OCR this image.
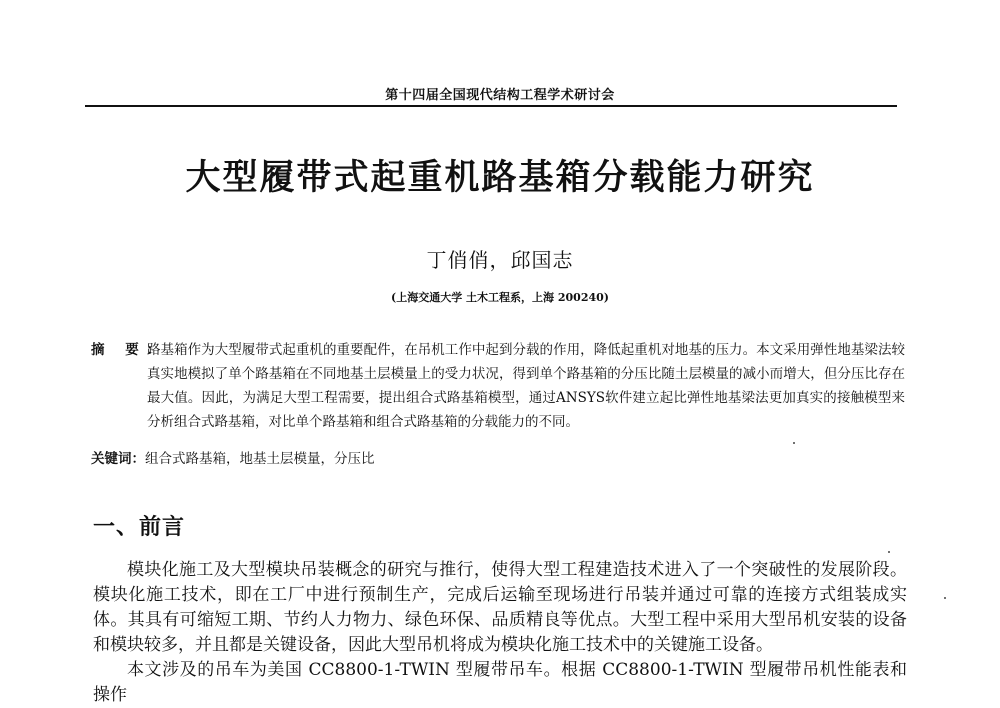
第十四届全国现代结构工程学术研讨会
大型履带式起重机路基箱分载能力研究
丁俏俏，邱国志
(上海交通大学 土木工程系，上海 200240)
摘 要：
路基箱作为大型履带式起重机的重要配件，在吊机工作中起到分载的作用，降低起重机对地基的压力。本文采用弹性地基梁法较真实地模拟了单个路基箱在不同地基土层模量上的受力状况，得到单个路基箱的分压比随土层模量的减小而增大，但分压比存在最大值。因此，为满足大型工程需要，提出组合式路基箱模型，通过ANSYS软件建立起比弹性地基梁法更加真实的接触模型来分析组合式路基箱，对比单个路基箱和组合式路基箱的分载能力的不同。
关键词：组合式路基箱，地基土层模量，分压比
一、前言

模块化施工及大型模块吊装概念的研究与推行，使得大型工程建造技术进入了一个突破性的发展阶段。模块化施工技术，即在工厂中进行预制生产，完成后运输至现场进行吊装并通过可靠的连接方式组装成实体。其具有可缩短工期、节约人力物力、绿色环保、品质精良等优点。大型工程中采用大型吊机安装的设备和模块较多，并且都是关键设备，因此大型吊机将成为模块化施工技术中的关键施工设备。

本文涉及的吊车为美国 CC8800-1-TWIN 型履带吊车。根据 CC8800-1-TWIN 型履带吊机性能表和操作
